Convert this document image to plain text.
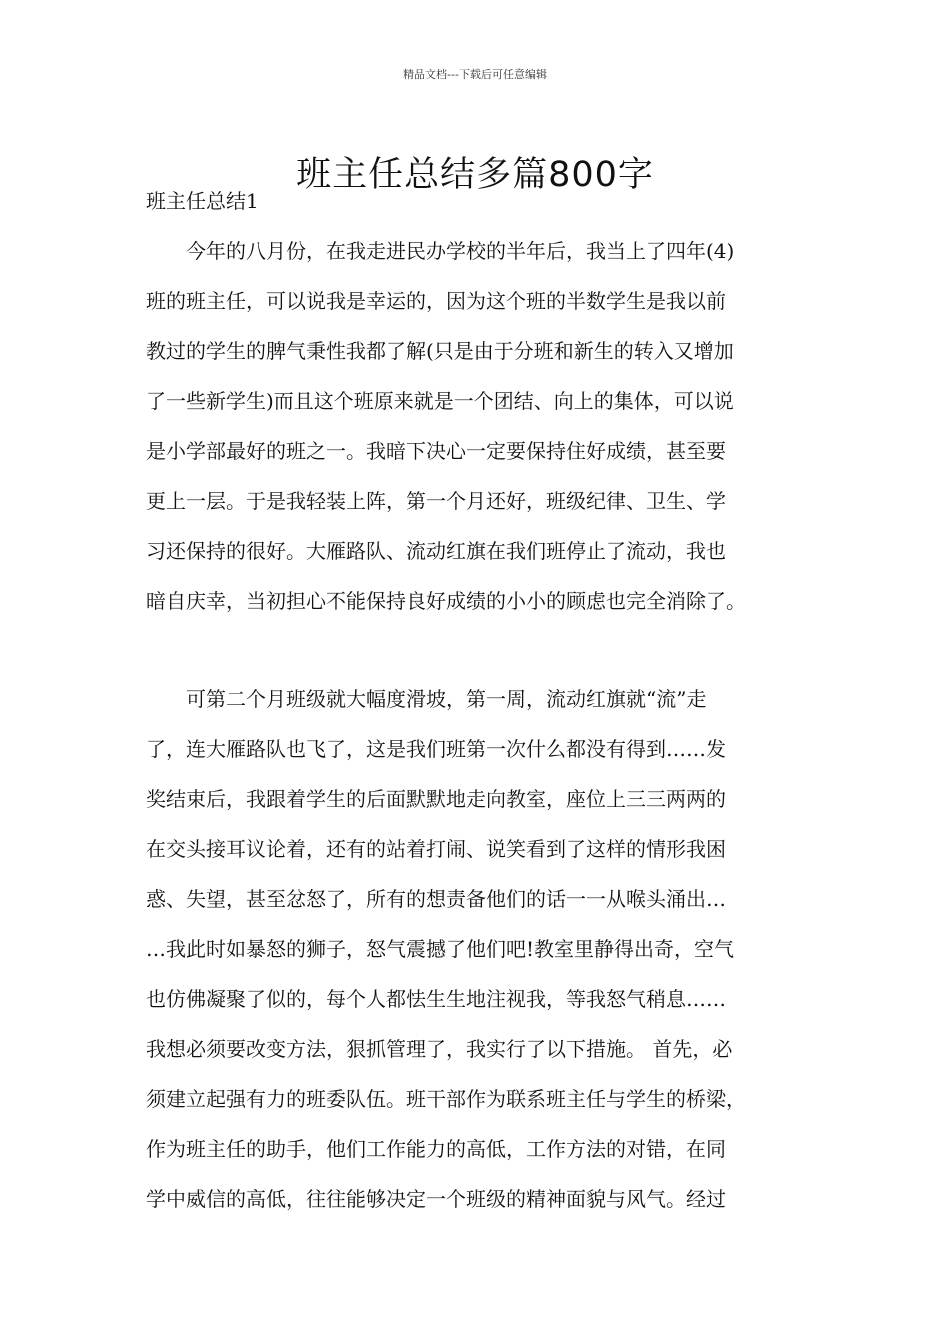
精品文档---下载后可任意编辑
班主任总结多篇800字
班主任总结1
　　今年的八月份，在我走进民办学校的半年后，我当上了四年(4)
班的班主任，可以说我是幸运的，因为这个班的半数学生是我以前
教过的学生的脾气秉性我都了解(只是由于分班和新生的转入又增加
了一些新学生)而且这个班原来就是一个团结、向上的集体，可以说
是小学部最好的班之一。我暗下决心一定要保持住好成绩，甚至要
更上一层。于是我轻装上阵，第一个月还好，班级纪律、卫生、学
习还保持的很好。大雁路队、流动红旗在我们班停止了流动，我也
暗自庆幸，当初担心不能保持良好成绩的小小的顾虑也完全消除了。
　　可第二个月班级就大幅度滑坡，第一周，流动红旗就“流”走
了，连大雁路队也飞了，这是我们班第一次什么都没有得到……发
奖结束后，我跟着学生的后面默默地走向教室，座位上三三两两的
在交头接耳议论着，还有的站着打闹、说笑看到了这样的情形我困
惑、失望，甚至忿怒了，所有的想责备他们的话一一从喉头涌出…
…我此时如暴怒的狮子，怒气震撼了他们吧!教室里静得出奇，空气
也仿佛凝聚了似的，每个人都怯生生地注视我，等我怒气稍息……
我想必须要改变方法，狠抓管理了，我实行了以下措施。 首先，必
须建立起强有力的班委队伍。班干部作为联系班主任与学生的桥梁，
作为班主任的助手，他们工作能力的高低，工作方法的对错，在同
学中威信的高低，往往能够决定一个班级的精神面貌与风气。经过
